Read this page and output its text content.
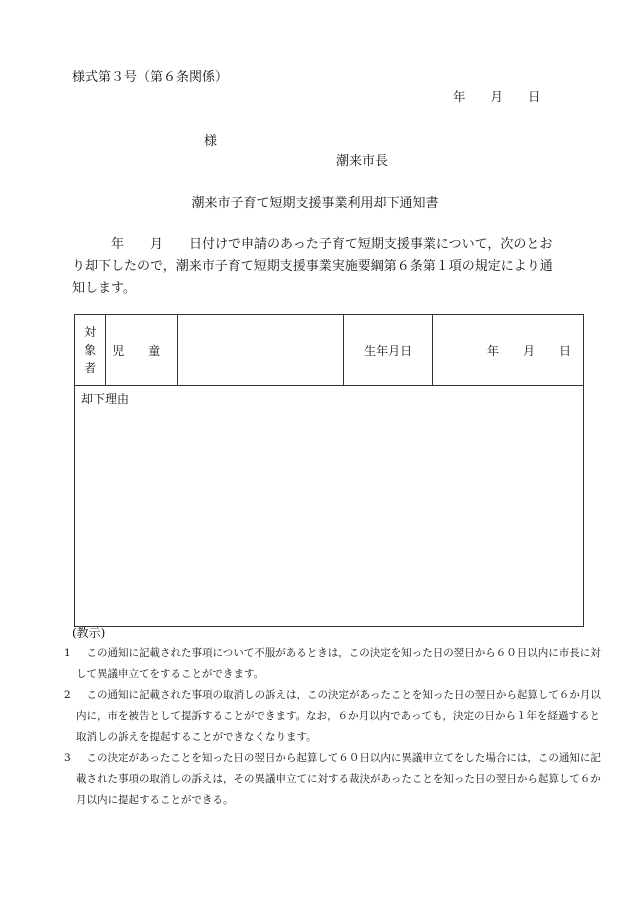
様式第３号（第６条関係）
年　　月　　日
様
潮来市長
潮来市子育て短期支援事業利用却下通知書
　　　年　　月　　日付けで申請のあった子育て短期支援事業について，次のとお
り却下したので，潮来市子育て短期支援事業実施要綱第６条第１項の規定により通
知します。
対
象
者
	児　　童		生年月日	年　　月　　日

却下理由
(教示)
1 　この通知に記載された事項について不服があるときは，この決定を知った日の翌日から６０日以内に市長に対
して異議申立てをすることができます。
2 　この通知に記載された事項の取消しの訴えは，この決定があったことを知った日の翌日から起算して６か月以
内に，市を被告として提訴することができます。なお，６か月以内であっても，決定の日から１年を経過すると
取消しの訴えを提起することができなくなります。
3 　この決定があったことを知った日の翌日から起算して６０日以内に異議申立てをした場合には，この通知に記
載された事項の取消しの訴えは，その異議申立てに対する裁決があったことを知った日の翌日から起算して６か
月以内に提起することができる。
